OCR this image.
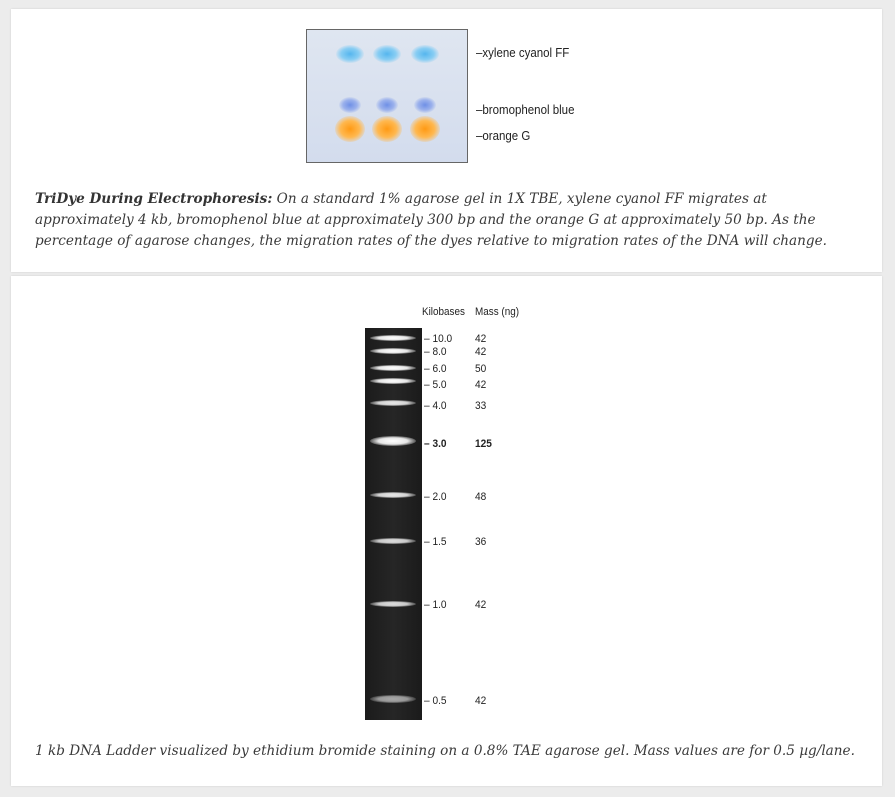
–xylene cyanol FF
–bromophenol blue
–orange G
TriDye During Electrophoresis: On a standard 1% agarose gel in 1X TBE, xylene cyanol FF migrates at approximately 4 kb, bromophenol blue at approximately 300 bp and the orange G at approximately 50 bp. As the percentage of agarose changes, the migration rates of the dyes relative to migration rates of the DNA will change.
Kilobases Mass (ng)
– 10.0 42
– 8.0	42
– 6.0	50
– 5.0	42
– 4.0	33
– 3.0	125
– 2.0	48
– 1.5	36
– 1.0	42
– 0.5	42
1 kb DNA Ladder visualized by ethidium bromide staining on a 0.8% TAE agarose gel. Mass values are for 0.5 µg/lane.
